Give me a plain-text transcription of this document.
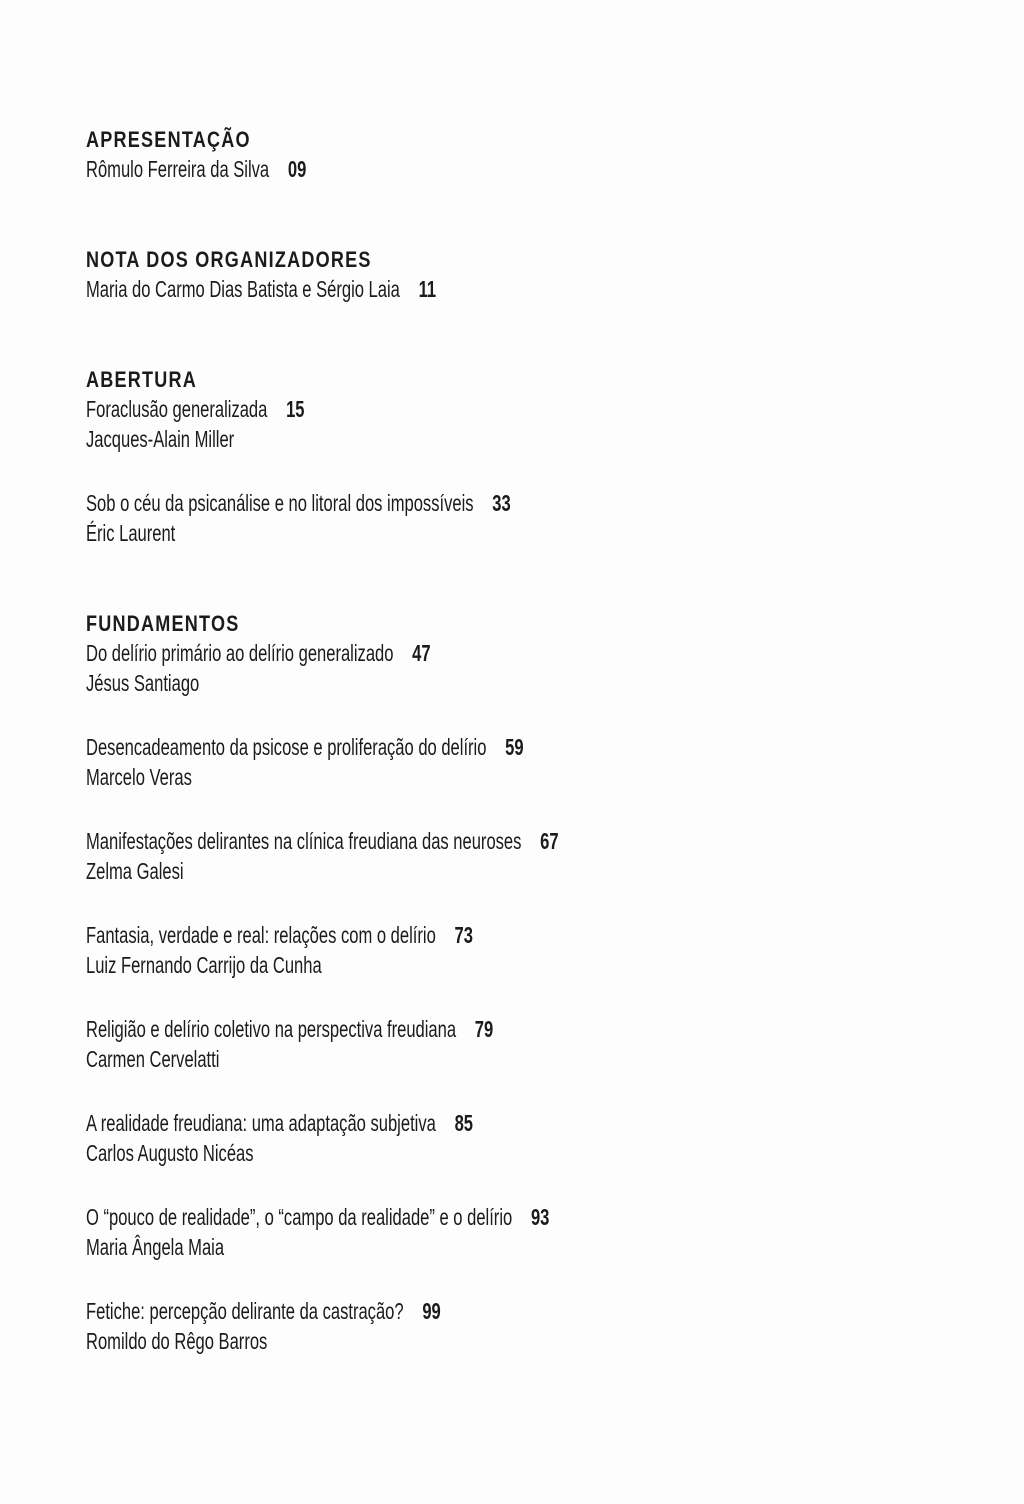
APRESENTAÇÃO
Rômulo Ferreira da Silva 09
NOTA DOS ORGANIZADORES
Maria do Carmo Dias Batista e Sérgio Laia 11
ABERTURA
Foraclusão generalizada 15
Jacques-Alain Miller
Sob o céu da psicanálise e no litoral dos impossíveis 33
Éric Laurent
FUNDAMENTOS
Do delírio primário ao delírio generalizado 47
Jésus Santiago
Desencadeamento da psicose e proliferação do delírio 59
Marcelo Veras
Manifestações delirantes na clínica freudiana das neuroses 67
Zelma Galesi
Fantasia, verdade e real: relações com o delírio 73
Luiz Fernando Carrijo da Cunha
Religião e delírio coletivo na perspectiva freudiana 79
Carmen Cervelatti
A realidade freudiana: uma adaptação subjetiva 85
Carlos Augusto Nicéas
O “pouco de realidade”, o “campo da realidade” e o delírio 93
Maria Ângela Maia
Fetiche: percepção delirante da castração? 99
Romildo do Rêgo Barros
